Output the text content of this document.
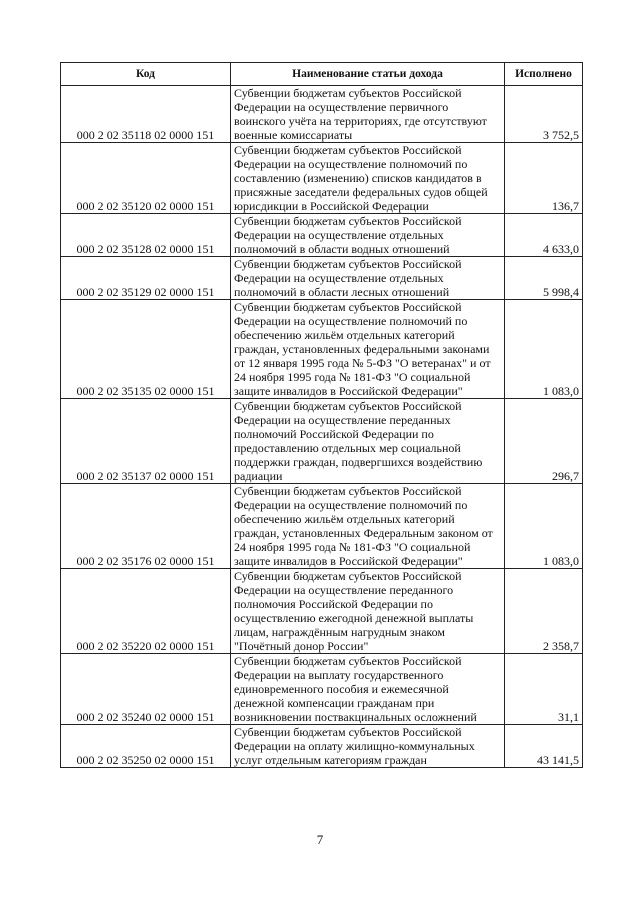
Код	Наименование статьи дохода	Исполнено
000 2 02 35118 02 0000 151	Субвенции бюджетам субъектов Российской Федерации на осуществление первичного воинского учёта на территориях, где отсутствуют военные комиссариаты	3 752,5
000 2 02 35120 02 0000 151	Субвенции бюджетам субъектов Российской Федерации на осуществление полномочий по составлению (изменению) списков кандидатов в присяжные заседатели федеральных судов общей юрисдикции в Российской Федерации	136,7
000 2 02 35128 02 0000 151	Субвенции бюджетам субъектов Российской Федерации на осуществление отдельных полномочий в области водных отношений	4 633,0
000 2 02 35129 02 0000 151	Субвенции бюджетам субъектов Российской Федерации на осуществление отдельных полномочий в области лесных отношений	5 998,4
000 2 02 35135 02 0000 151	Субвенции бюджетам субъектов Российской Федерации на осуществление полномочий по обеспечению жильём отдельных категорий граждан, установленных федеральными законами от 12 января 1995 года № 5-ФЗ "О ветеранах" и от 24 ноября 1995 года № 181-ФЗ "О социальной защите инвалидов в Российской Федерации"	1 083,0
000 2 02 35137 02 0000 151	Субвенции бюджетам субъектов Российской Федерации на осуществление переданных полномочий Российской Федерации по предоставлению отдельных мер социальной поддержки граждан, подвергшихся воздействию радиации	296,7
000 2 02 35176 02 0000 151	Субвенции бюджетам субъектов Российской Федерации на осуществление полномочий по обеспечению жильём отдельных категорий граждан, установленных Федеральным законом от 24 ноября 1995 года № 181-ФЗ "О социальной защите инвалидов в Российской Федерации"	1 083,0
000 2 02 35220 02 0000 151	Субвенции бюджетам субъектов Российской Федерации на осуществление переданного полномочия Российской Федерации по осуществлению ежегодной денежной выплаты лицам, награждённым нагрудным знаком "Почётный донор России"	2 358,7
000 2 02 35240 02 0000 151	Субвенции бюджетам субъектов Российской Федерации на выплату государственного единовременного пособия и ежемесячной денежной компенсации гражданам при возникновении поствакцинальных осложнений	31,1
000 2 02 35250 02 0000 151	Субвенции бюджетам субъектов Российской Федерации на оплату жилищно-коммунальных услуг отдельным категориям граждан	43 141,5
7
